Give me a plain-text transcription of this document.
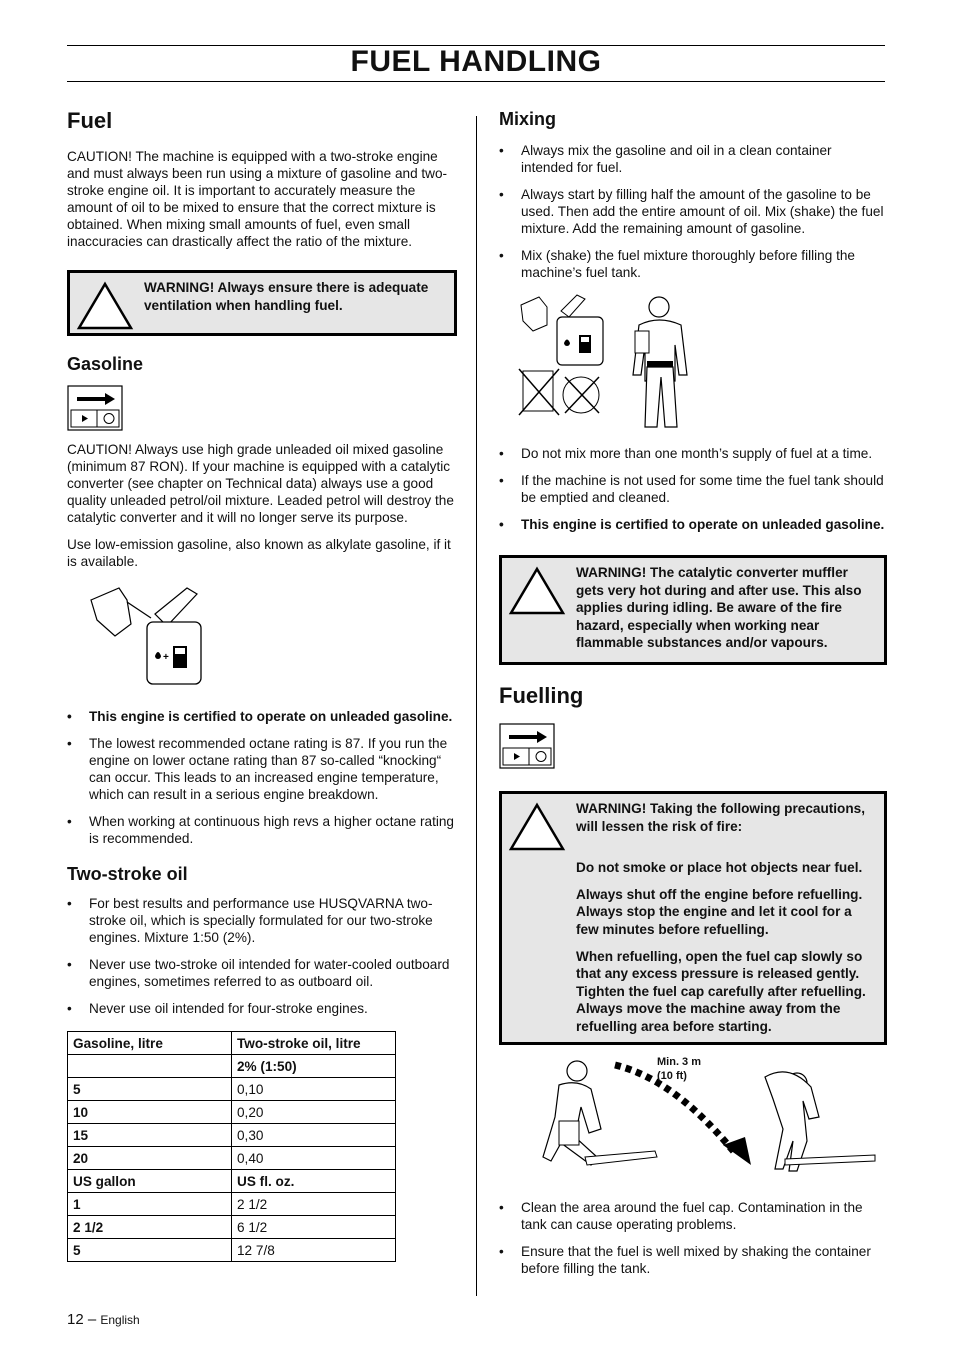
FUEL HANDLING
Fuel

CAUTION! The machine is equipped with a two-stroke engine and must always been run using a mixture of gasoline and two-stroke engine oil. It is important to accurately measure the amount of oil to be mixed to ensure that the correct mixture is obtained. When mixing small amounts of fuel, even small inaccuracies can drastically affect the ratio of the mixture.

WARNING! Always ensure there is adequate ventilation when handling fuel.

Gasoline

CAUTION! Always use high grade unleaded oil mixed gasoline (minimum 87 RON). If your machine is equipped with a catalytic converter (see chapter on Technical data) always use a good quality unleaded petrol/oil mixture. Leaded petrol will destroy the catalytic converter and it will no longer serve its purpose.

Use low-emission gasoline, also known as alkylate gasoline, if it is available.

+
• This engine is certified to operate on unleaded gasoline.
• The lowest recommended octane rating is 87. If you run the engine on lower octane rating than 87 so-called “knocking“ can occur. This leads to an increased engine temperature, which can result in a serious engine breakdown.
• When working at continuous high revs a higher octane rating is recommended.
Two-stroke oil
• For best results and performance use HUSQVARNA two-stroke oil, which is specially formulated for our two-stroke engines. Mixture 1:50 (2%).
• Never use two-stroke oil intended for water-cooled outboard engines, sometimes referred to as outboard oil.
• Never use oil intended for four-stroke engines.
Gasoline, litre	Two-stroke oil, litre
	2% (1:50)
5	0,10
10	0,20
15	0,30
20	0,40
US gallon	US fl. oz.
1	2 1/2
2 1/2	6 1/2
5	12 7/8
Mixing
• Always mix the gasoline and oil in a clean container intended for fuel.
• Always start by filling half the amount of the gasoline to be used. Then add the entire amount of oil. Mix (shake) the fuel mixture. Add the remaining amount of gasoline.
• Mix (shake) the fuel mixture thoroughly before filling the machine’s fuel tank.
• Do not mix more than one month’s supply of fuel at a time.
• If the machine is not used for some time the fuel tank should be emptied and cleaned.
• This engine is certified to operate on unleaded gasoline.

WARNING! The catalytic converter muffler gets very hot during and after use. This also applies during idling. Be aware of the fire hazard, especially when working near flammable substances and/or vapours.

Fuelling

WARNING! Taking the following precautions, will lessen the risk of fire:

Do not smoke or place hot objects near fuel.

Always shut off the engine before refuelling. Always stop the engine and let it cool for a few minutes before refuelling.

When refuelling, open the fuel cap slowly so that any excess pressure is released gently. Tighten the fuel cap carefully after refuelling. Always move the machine away from the refuelling area before starting.

Min. 3 m
(10 ft)
• Clean the area around the fuel cap. Contamination in the tank can cause operating problems.
• Ensure that the fuel is well mixed by shaking the container before filling the tank.
12 – English
